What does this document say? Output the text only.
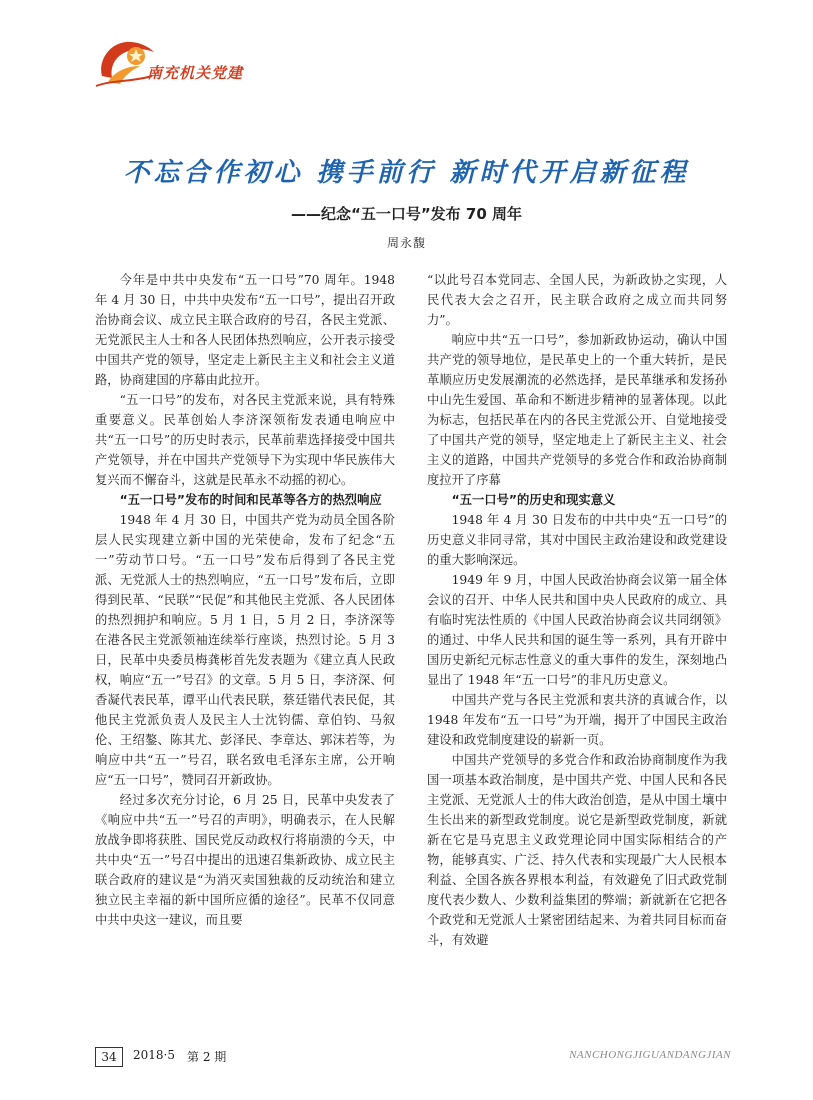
南充机关党建
不忘合作初心 携手前行 新时代开启新征程
——纪念“五一口号”发布 70 周年
周永馥

今年是中共中央发布“五一口号”70 周年。1948 年 4 月 30 日，中共中央发布“五一口号”，提出召开政治协商会议、成立民主联合政府的号召，各民主党派、无党派民主人士和各人民团体热烈响应，公开表示接受中国共产党的领导，坚定走上新民主主义和社会主义道路，协商建国的序幕由此拉开。

“五一口号”的发布，对各民主党派来说，具有特殊重要意义。民革创始人李济深领衔发表通电响应中共“五一口号”的历史时表示，民革前辈选择接受中国共产党领导，并在中国共产党领导下为实现中华民族伟大复兴而不懈奋斗，这就是民革永不动摇的初心。

“五一口号”发布的时间和民革等各方的热烈响应

1948 年 4 月 30 日，中国共产党为动员全国各阶层人民实现建立新中国的光荣使命，发布了纪念“五一”劳动节口号。“五一口号”发布后得到了各民主党派、无党派人士的热烈响应，“五一口号”发布后，立即得到民革、“民联”“民促”和其他民主党派、各人民团体的热烈拥护和响应。5 月 1 日，5 月 2 日，李济深等在港各民主党派领袖连续举行座谈，热烈讨论。5 月 3 日，民革中央委员梅龚彬首先发表题为《建立真人民政权，响应“五一”号召》的文章。5 月 5 日，李济深、何香凝代表民革，谭平山代表民联，蔡廷锴代表民促，其他民主党派负责人及民主人士沈钧儒、章伯钧、马叙伦、王绍鏊、陈其尤、彭泽民、李章达、郭沫若等，为响应中共“五一”号召，联名致电毛泽东主席，公开响应“五一口号”，赞同召开新政协。

经过多次充分讨论，6 月 25 日，民革中央发表了《响应中共“五一”号召的声明》，明确表示，在人民解放战争即将获胜、国民党反动政权行将崩溃的今天，中共中央“五一”号召中提出的迅速召集新政协、成立民主联合政府的建议是“为消灭卖国独裁的反动统治和建立独立民主幸福的新中国所应循的途径”。民革不仅同意中共中央这一建议，而且要

“以此号召本党同志、全国人民，为新政协之实现，人民代表大会之召开，民主联合政府之成立而共同努力”。

响应中共“五一口号”，参加新政协运动，确认中国共产党的领导地位，是民革史上的一个重大转折，是民革顺应历史发展潮流的必然选择，是民革继承和发扬孙中山先生爱国、革命和不断进步精神的显著体现。以此为标志，包括民革在内的各民主党派公开、自觉地接受了中国共产党的领导，坚定地走上了新民主主义、社会主义的道路，中国共产党领导的多党合作和政治协商制度拉开了序幕

“五一口号”的历史和现实意义

1948 年 4 月 30 日发布的中共中央“五一口号”的历史意义非同寻常，其对中国民主政治建设和政党建设的重大影响深远。

1949 年 9 月，中国人民政治协商会议第一届全体会议的召开、中华人民共和国中央人民政府的成立、具有临时宪法性质的《中国人民政治协商会议共同纲领》的通过、中华人民共和国的诞生等一系列，具有开辟中国历史新纪元标志性意义的重大事件的发生，深刻地凸显出了 1948 年“五一口号”的非凡历史意义。

中国共产党与各民主党派和衷共济的真诚合作，以 1948 年发布“五一口号”为开端，揭开了中国民主政治建设和政党制度建设的崭新一页。

中国共产党领导的多党合作和政治协商制度作为我国一项基本政治制度，是中国共产党、中国人民和各民主党派、无党派人士的伟大政治创造，是从中国土壤中生长出来的新型政党制度。说它是新型政党制度，新就新在它是马克思主义政党理论同中国实际相结合的产物，能够真实、广泛、持久代表和实现最广大人民根本利益、全国各族各界根本利益，有效避免了旧式政党制度代表少数人、少数利益集团的弊端；新就新在它把各个政党和无党派人士紧密团结起来、为着共同目标而奋斗，有效避

34	2018·5 第 2 期	NANCHONGJIGUANDANGJIAN
